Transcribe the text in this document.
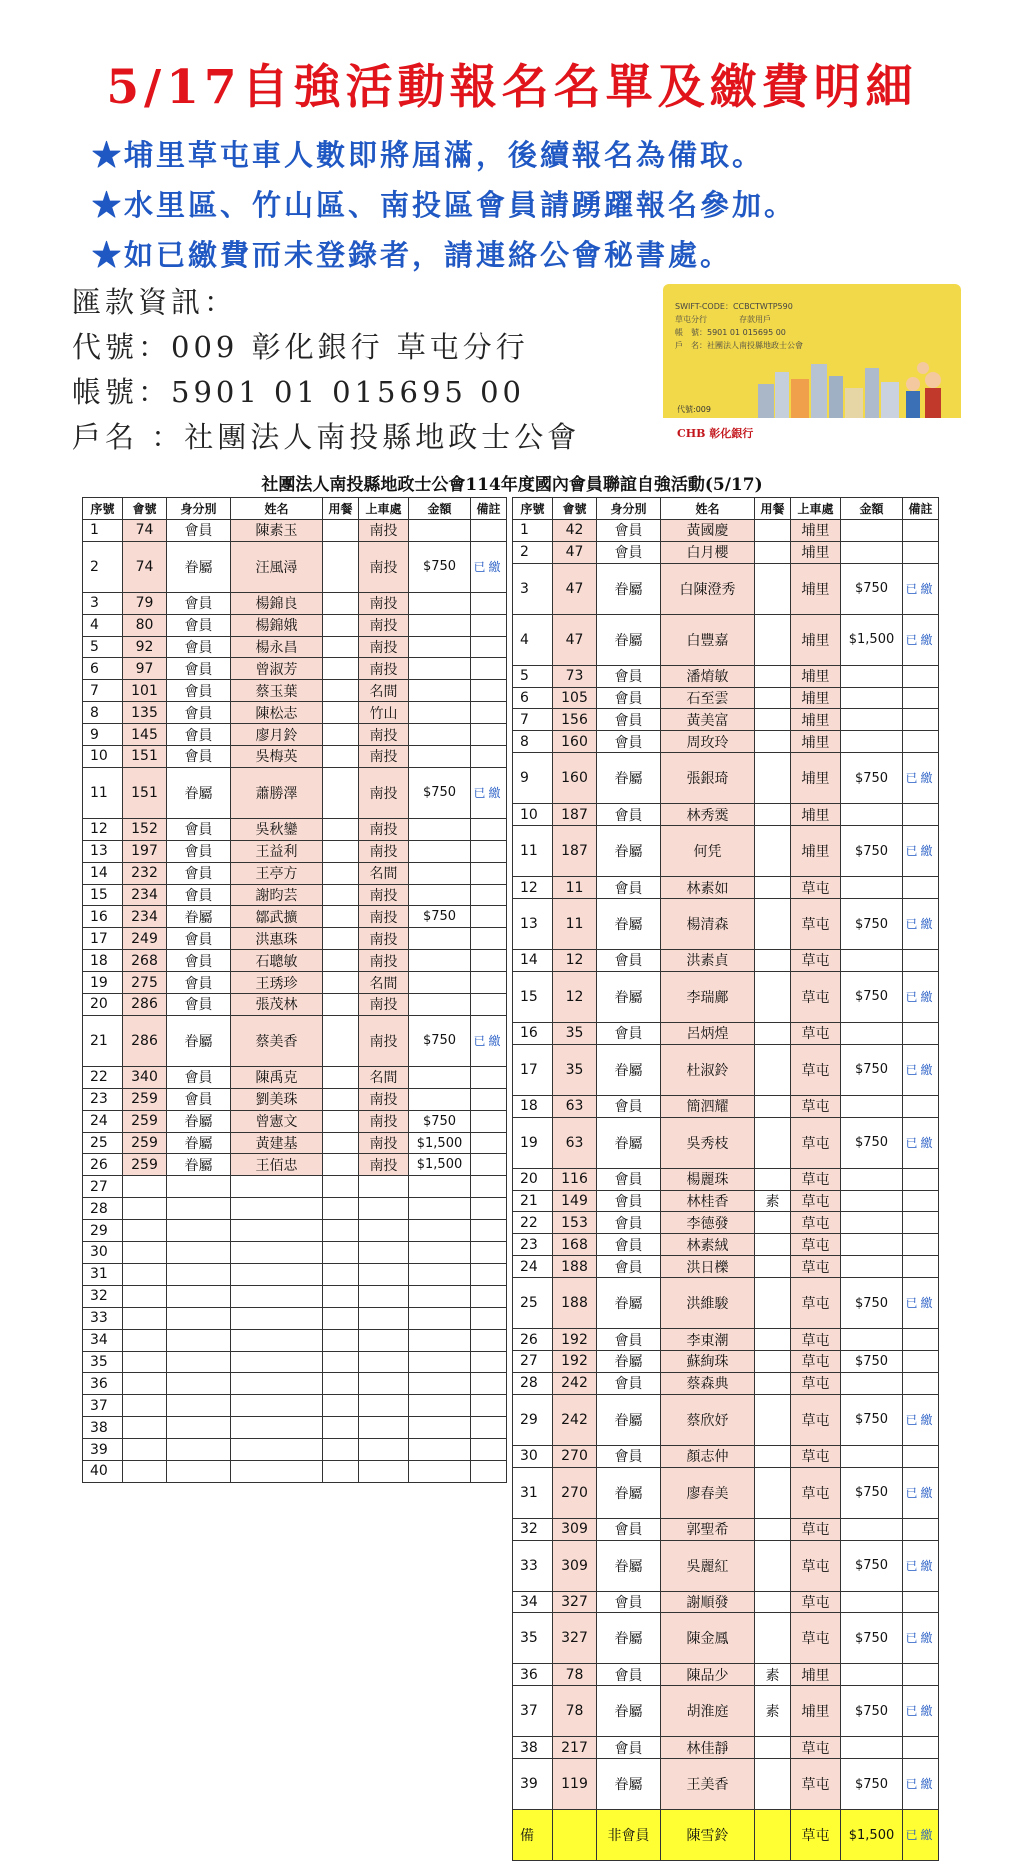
5/17自強活動報名名單及繳費明細
★埔里草屯車人數即將屆滿，後續報名為備取。
★水里區、竹山區、南投區會員請踴躍報名參加。
★如已繳費而未登錄者，請連絡公會秘書處。
匯款資訊：
代號：009 彰化銀行 草屯分行
帳號：5901 01 015695 00
戶名 ：社團法人南投縣地政士公會
SWIFT-CODE：CCBCTWTP590
草屯分行　　　　存款用戶
帳　號：5901 01 015695 00
戶　名：社團法人南投縣地政士公會
代號:009
CHB 彰化銀行
社團法人南投縣地政士公會114年度國內會員聯誼自強活動(5/17)
序號	會號	身分別	姓名	用餐	上車處	金額	備註
1	74	會員	陳素玉		南投		
2	74	眷屬	汪風潯		南投	$750	已繳
3	79	會員	楊錦良		南投		
4	80	會員	楊錦娥		南投		
5	92	會員	楊永昌		南投		
6	97	會員	曾淑芳		南投		
7	101	會員	蔡玉葉		名間		
8	135	會員	陳松志		竹山		
9	145	會員	廖月鈴		南投		
10	151	會員	吳梅英		南投		
11	151	眷屬	蕭勝澤		南投	$750	已繳
12	152	會員	吳秋鑾		南投		
13	197	會員	王益利		南投		
14	232	會員	王亭方		名間		
15	234	會員	謝昀芸		南投		
16	234	眷屬	鄒武擴		南投	$750	
17	249	會員	洪惠珠		南投		
18	268	會員	石聰敏		南投		
19	275	會員	王琇珍		名間		
20	286	會員	張茂林		南投		
21	286	眷屬	蔡美香		南投	$750	已繳
22	340	會員	陳禹克		名間		
23	259	會員	劉美珠		南投		
24	259	眷屬	曾憲文		南投	$750	
25	259	眷屬	黃建基		南投	$1,500	
26	259	眷屬	王佰忠		南投	$1,500	
27							
28							
29							
30							
31							
32							
33							
34							
35							
36							
37							
38							
39							
40							
序號	會號	身分別	姓名	用餐	上車處	金額	備註
1	42	會員	黃國慶		埔里		
2	47	會員	白月櫻		埔里		
3	47	眷屬	白陳澄秀		埔里	$750	已繳
4	47	眷屬	白豐嘉		埔里	$1,500	已繳
5	73	會員	潘焴敏		埔里		
6	105	會員	石至雲		埔里		
7	156	會員	黃美富		埔里		
8	160	會員	周玫玲		埔里		
9	160	眷屬	張銀琦		埔里	$750	已繳
10	187	會員	林秀霙		埔里		
11	187	眷屬	何凭		埔里	$750	已繳
12	11	會員	林素如		草屯		
13	11	眷屬	楊清森		草屯	$750	已繳
14	12	會員	洪素貞		草屯		
15	12	眷屬	李瑞鄺		草屯	$750	已繳
16	35	會員	呂炳煌		草屯		
17	35	眷屬	杜淑鈴		草屯	$750	已繳
18	63	會員	簡泗耀		草屯		
19	63	眷屬	吳秀枝		草屯	$750	已繳
20	116	會員	楊麗珠		草屯		
21	149	會員	林桂香	素	草屯		
22	153	會員	李德發		草屯		
23	168	會員	林素絨		草屯		
24	188	會員	洪日櫟		草屯		
25	188	眷屬	洪維駿		草屯	$750	已繳
26	192	會員	李東潮		草屯		
27	192	眷屬	蘇絢珠		草屯	$750	
28	242	會員	蔡森典		草屯		
29	242	眷屬	蔡欣妤		草屯	$750	已繳
30	270	會員	顏志仲		草屯		
31	270	眷屬	廖春美		草屯	$750	已繳
32	309	會員	郭聖希		草屯		
33	309	眷屬	吳麗紅		草屯	$750	已繳
34	327	會員	謝順發		草屯		
35	327	眷屬	陳金鳳		草屯	$750	已繳
36	78	會員	陳品少	素	埔里		
37	78	眷屬	胡淮庭	素	埔里	$750	已繳
38	217	會員	林佳靜		草屯		
39	119	眷屬	王美香		草屯	$750	已繳
備		非會員	陳雪鈴		草屯	$1,500	已繳
